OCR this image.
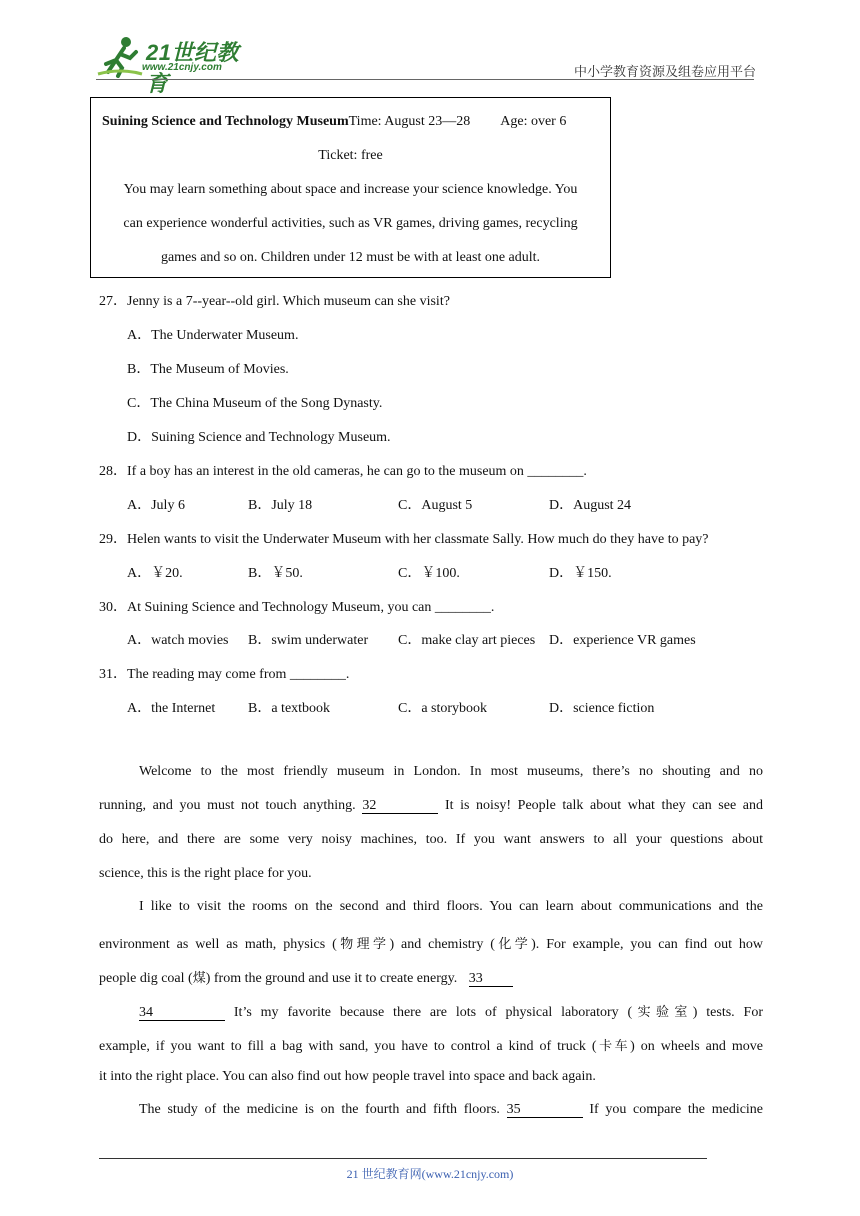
21世纪教育
www.21cnjy.com	中小学教育资源及组卷应用平台
Suining Science and Technology MuseumTime: August 23—28 Age: over 6
Ticket: free
You may learn something about space and increase your science knowledge. You
can experience wonderful activities, such as VR games, driving games, recycling
games and so on. Children under 12 must be with at least one adult.
27．Jenny is a 7--year--old girl. Which museum can she visit?
A．The Underwater Museum.
B．The Museum of Movies.
C．The China Museum of the Song Dynasty.
D．Suining Science and Technology Museum.
28．If a boy has an interest in the old cameras, he can go to the museum on ________.
A．July 6	B．July 18	C．August 5	D．August 24
29．Helen wants to visit the Underwater Museum with her classmate Sally. How much do they have to pay?
A．￥20.	B．￥50.	C．￥100.	D．￥150.
30．At Suining Science and Technology Museum, you can ________.
A．watch movies B．swim underwater C．make clay art pieces D．experience VR games
31．The reading may come from ________.
A．the Internet B．a textbook	C．a storybook	D．science fiction
Welcome to the most friendly museum in London. In most museums, there’s no shouting and no
running, and you must not touch anything. 32	It is noisy! People talk about what they can see and
do here, and there are some very noisy machines, too. If you want answers to all your questions about
science, this is the right place for you.
I like to visit the rooms on the second and third floors. You can learn about communications and the
environment as well as math, physics (物理学) and chemistry (化学). For example, you can find out how
people dig coal (煤) from the ground and use it to create energy. 33
34	It’s my favorite because there are lots of physical laboratory (实验室) tests. For
example, if you want to fill a bag with sand, you have to control a kind of truck (卡车) on wheels and move
it into the right place. You can also find out how people travel into space and back again.
The study of the medicine is on the fourth and fifth floors. 35	If you compare the medicine
21 世纪教育网(www.21cnjy.com)
